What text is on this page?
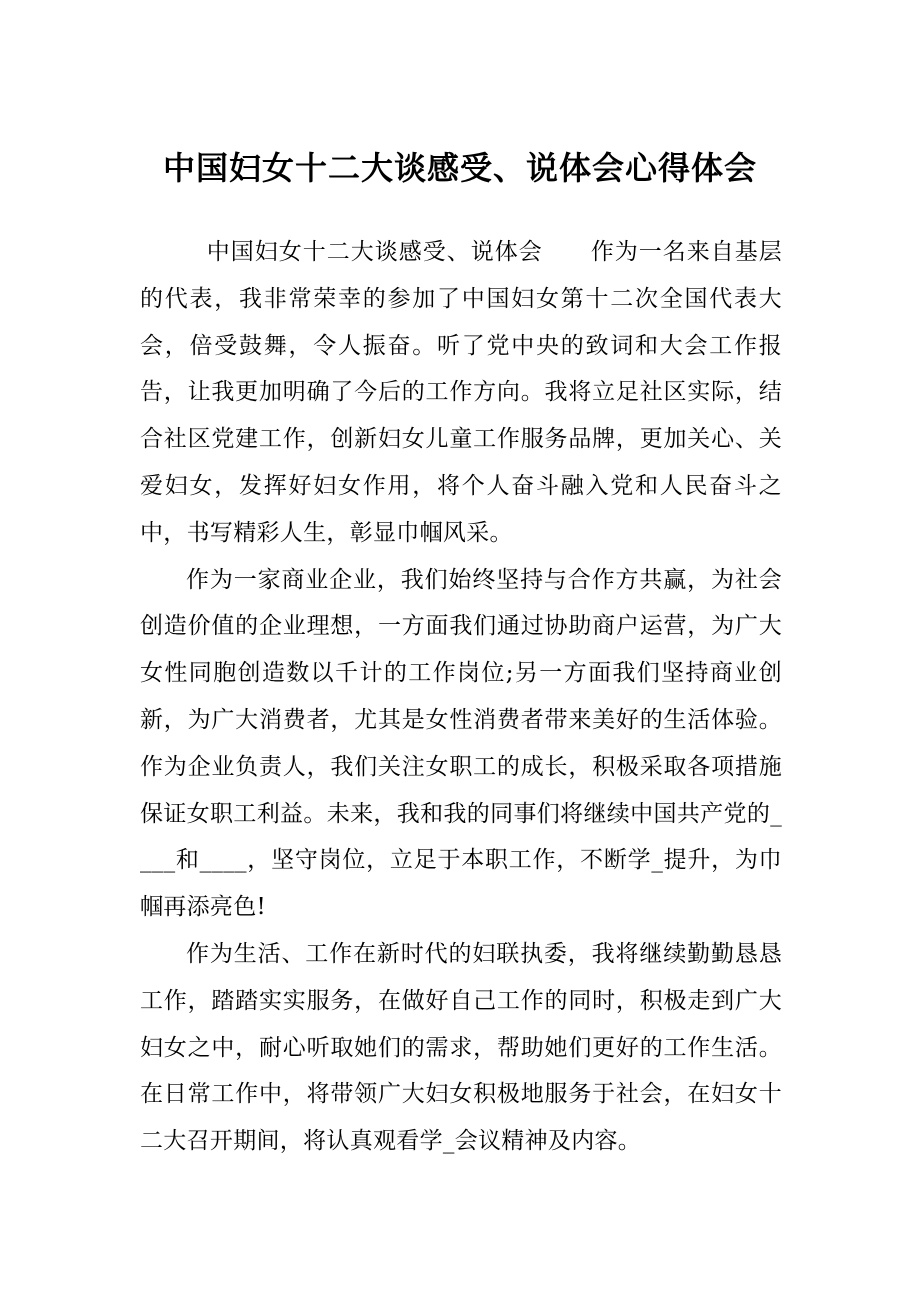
中国妇女十二大谈感受、说体会心得体会

中国妇女十二大谈感受、说体会　　作为一名来自基层的代表，我非常荣幸的参加了中国妇女第十二次全国代表大会，倍受鼓舞，令人振奋。听了党中央的致词和大会工作报告，让我更加明确了今后的工作方向。我将立足社区实际，结合社区党建工作，创新妇女儿童工作服务品牌，更加关心、关爱妇女，发挥好妇女作用，将个人奋斗融入党和人民奋斗之中，书写精彩人生，彰显巾帼风采。

作为一家商业企业，我们始终坚持与合作方共赢，为社会创造价值的企业理想，一方面我们通过协助商户运营，为广大女性同胞创造数以千计的工作岗位;另一方面我们坚持商业创新，为广大消费者，尤其是女性消费者带来美好的生活体验。作为企业负责人，我们关注女职工的成长，积极采取各项措施保证女职工利益。未来，我和我的同事们将继续中国共产党的____和____，坚守岗位，立足于本职工作，不断学_提升，为巾帼再添亮色!

作为生活、工作在新时代的妇联执委，我将继续勤勤恳恳工作，踏踏实实服务，在做好自己工作的同时，积极走到广大妇女之中，耐心听取她们的需求，帮助她们更好的工作生活。在日常工作中，将带领广大妇女积极地服务于社会，在妇女十二大召开期间，将认真观看学_会议精神及内容。
